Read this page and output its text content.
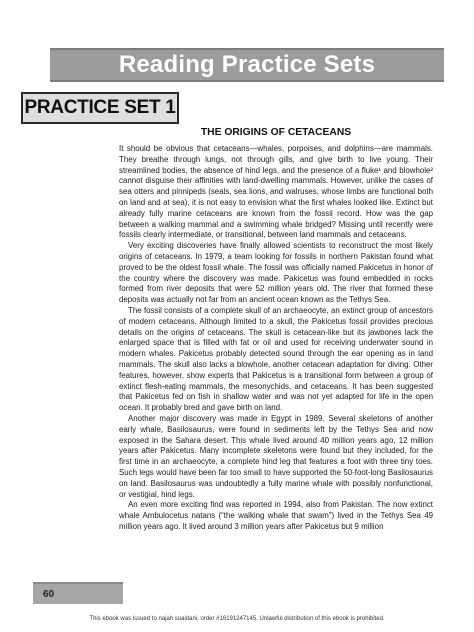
Reading Practice Sets
PRACTICE SET 1
THE ORIGINS OF CETACEANS

It should be obvious that cetaceans—whales, porpoises, and dolphins—are mammals. They breathe through lungs, not through gills, and give birth to live young. Their streamlined bodies, the absence of hind legs, and the presence of a fluke¹ and blowhole² cannot disguise their affinities with land-dwelling mammals. However, unlike the cases of sea otters and pinnipeds (seals, sea lions, and walruses, whose limbs are functional both on land and at sea), it is not easy to envision what the first whales looked like. Extinct but already fully marine cetaceans are known from the fossil record. How was the gap between a walking mammal and a swimming whale bridged? Missing until recently were fossils clearly intermediate, or transitional, between land mammals and cetaceans.

Very exciting discoveries have finally allowed scientists to reconstruct the most likely origins of cetaceans. In 1979, a team looking for fossils in northern Pakistan found what proved to be the oldest fossil whale. The fossil was officially named Pakicetus in honor of the country where the discovery was made. Pakicetus was found embedded in rocks formed from river deposits that were 52 million years old. The river that formed these deposits was actually not far from an ancient ocean known as the Tethys Sea.

The fossil consists of a complete skull of an archaeocyte, an extinct group of ancestors of modern cetaceans. Although limited to a skull, the Pakicetus fossil provides precious details on the origins of cetaceans. The skull is cetacean-like but its jawbones lack the enlarged space that is filled with fat or oil and used for receiving underwater sound in modern whales. Pakicetus probably detected sound through the ear opening as in land mammals. The skull also lacks a blowhole, another cetacean adaptation for diving. Other features, however, show experts that Pakicetus is a transitional form between a group of extinct flesh-eating mammals, the mesonychids, and cetaceans. It has been suggested that Pakicetus fed on fish in shallow water and was not yet adapted for life in the open ocean. It probably bred and gave birth on land.

Another major discovery was made in Egypt in 1989. Several skeletons of another early whale, Basilosaurus, were found in sediments left by the Tethys Sea and now exposed in the Sahara desert. This whale lived around 40 million years ago, 12 million years after Pakicetus. Many incomplete skeletons were found but they included, for the first time in an archaeocyte, a complete hind leg that features a foot with three tiny toes. Such legs would have been far too small to have supported the 50-foot-long Basilosaurus on land. Basilosaurus was undoubtedly a fully marine whale with possibly nonfunctional, or vestigial, hind legs.

An even more exciting find was reported in 1994, also from Pakistan. The now extinct whale Ambulocetus natans (“the walking whale that swam”) lived in the Tethys Sea 49 million years ago. It lived around 3 million years after Pakicetus but 9 million

60
This ebook was issued to najah suaidani, order #16191247145. Unlawful distribution of this ebook is prohibited.
